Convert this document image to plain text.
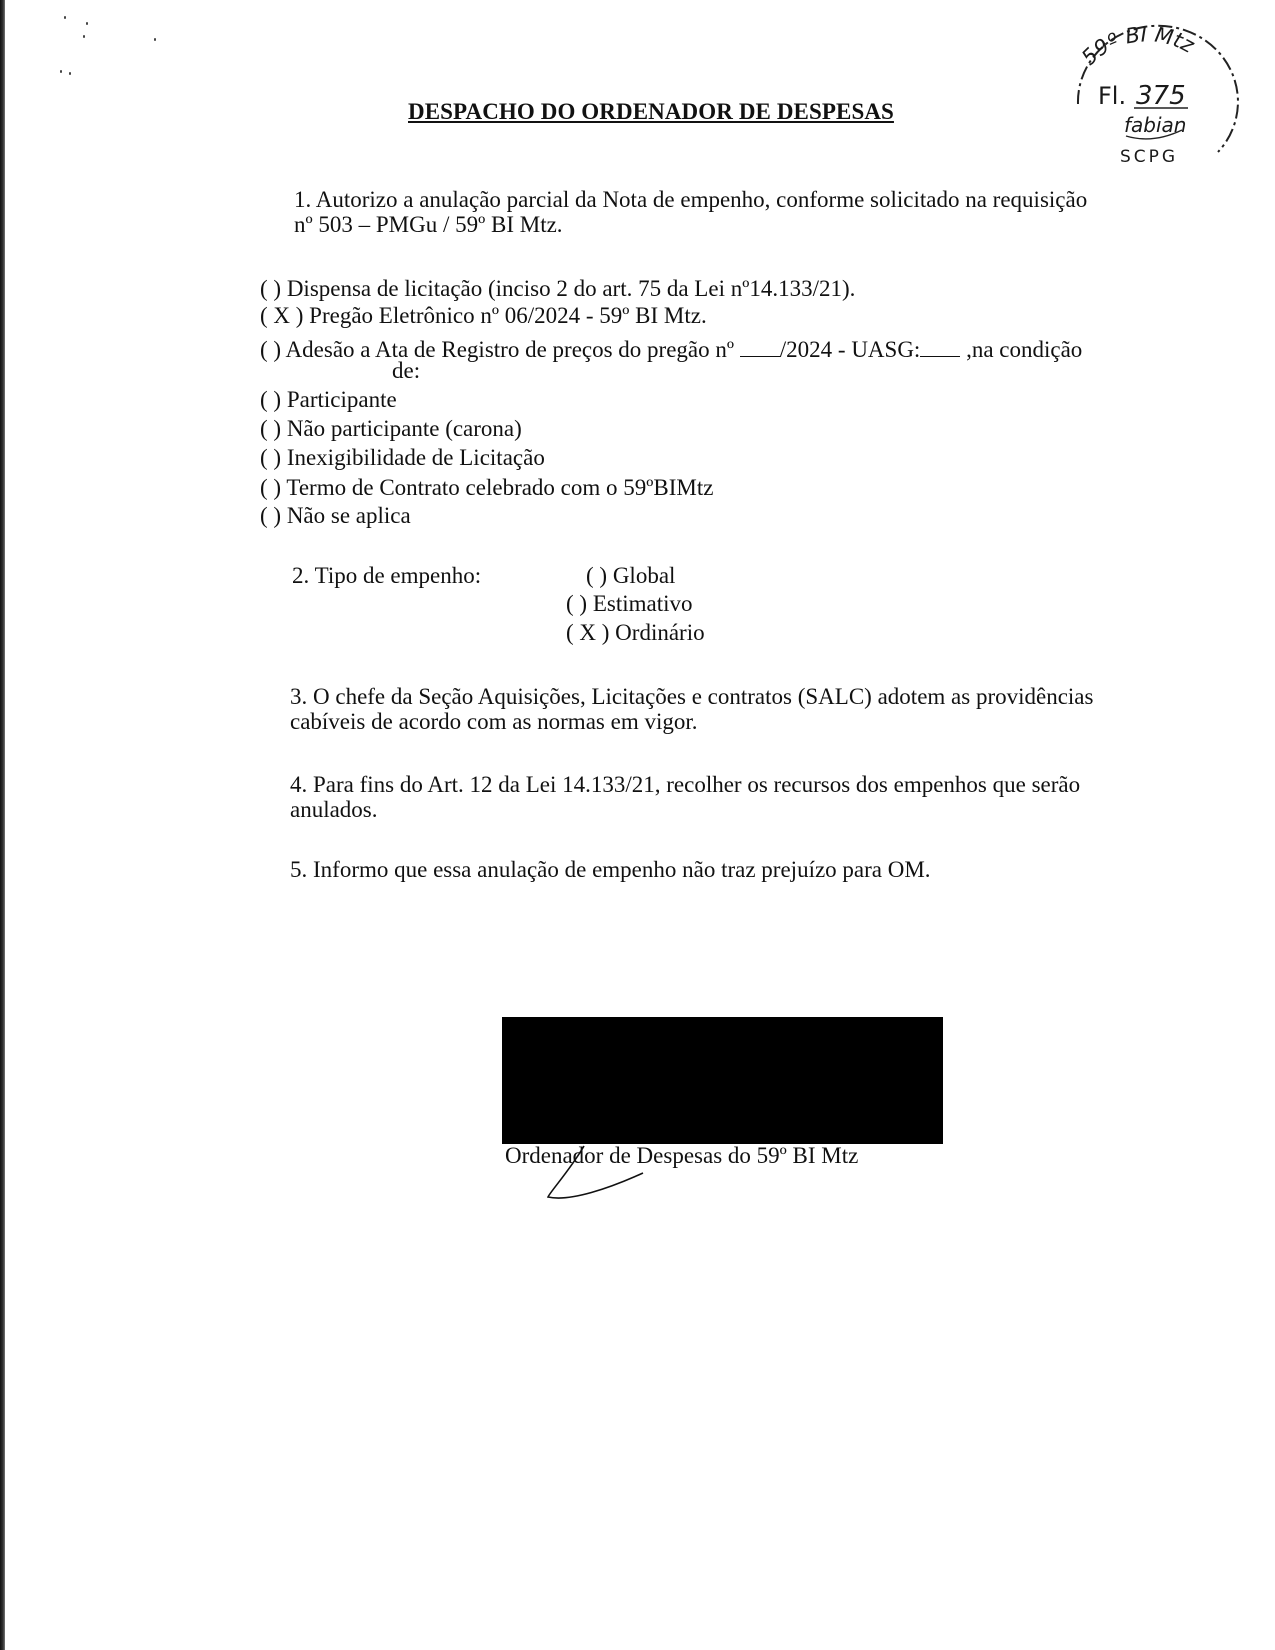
59º BI Mtz
Fl. 375
fabian
SCPG
DESPACHO DO ORDENADOR DE DESPESAS

1. Autorizo a anulação parcial da Nota de empenho, conforme solicitado na requisição
nº 503 – PMGu / 59º BI Mtz.

( ) Dispensa de licitação (inciso 2 do art. 75 da Lei nº14.133/21).
( X ) Pregão Eletrônico nº 06/2024 - 59º BI Mtz.
( ) Adesão a Ata de Registro de preços do pregão nº /2024 - UASG: ,na condição
de:
( ) Participante
( ) Não participante (carona)
( ) Inexigibilidade de Licitação
( ) Termo de Contrato celebrado com o 59ºBIMtz
( ) Não se aplica
2. Tipo de empenho:	( ) Global
( ) Estimativo
( X ) Ordinário

3. O chefe da Seção Aquisições, Licitações e contratos (SALC) adotem as providências
cabíveis de acordo com as normas em vigor.

4. Para fins do Art. 12 da Lei 14.133/21, recolher os recursos dos empenhos que serão
anulados.

5. Informo que essa anulação de empenho não traz prejuízo para OM.

Ordenador de Despesas do 59º BI Mtz
